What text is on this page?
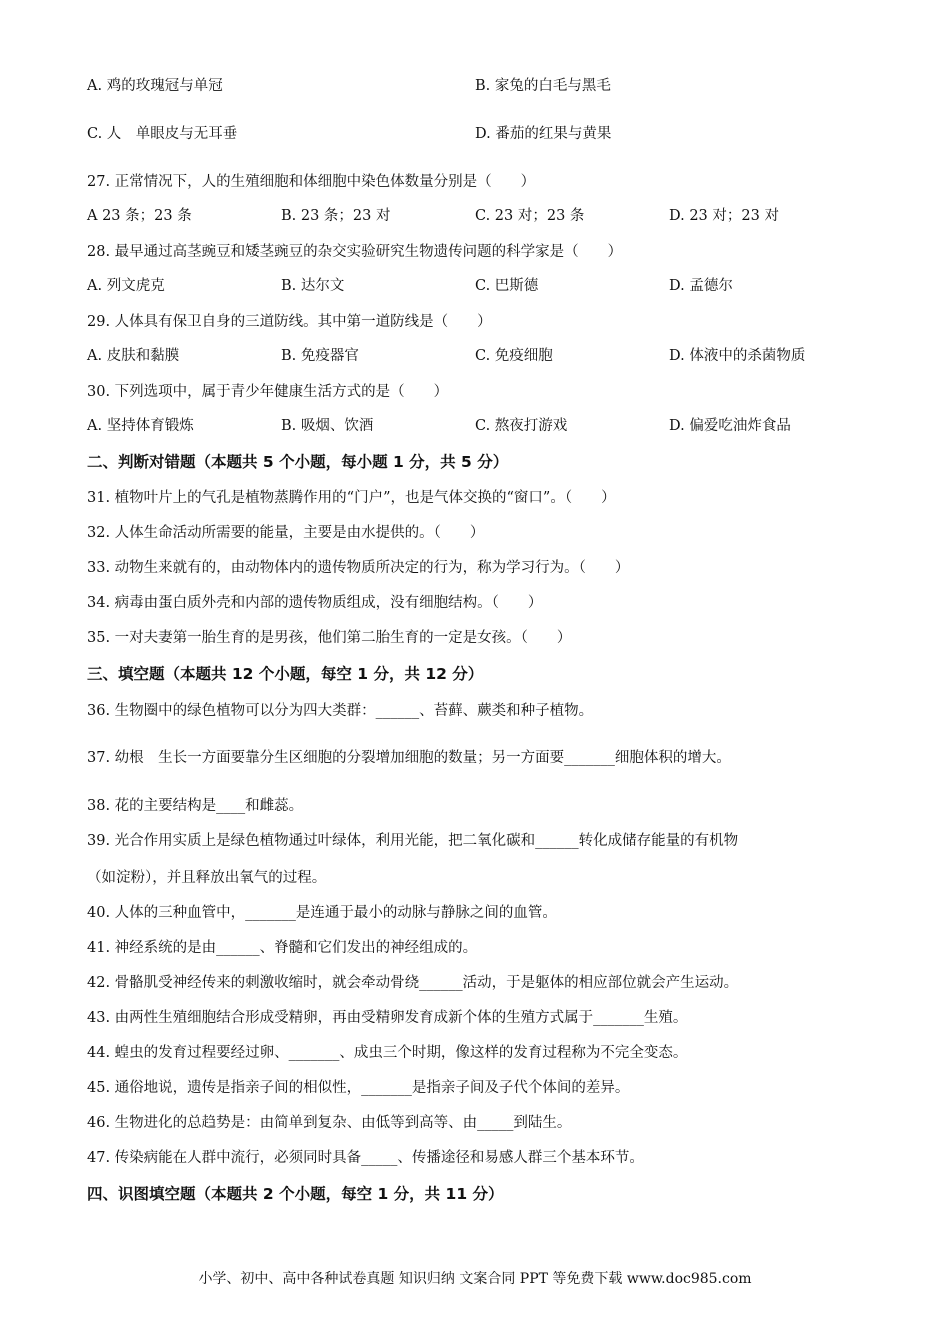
A. 鸡的玫瑰冠与单冠	B. 家兔的白毛与黑毛
C. 人　单眼皮与无耳垂	D. 番茄的红果与黄果
27. 正常情况下，人的生殖细胞和体细胞中染色体数量分别是（　　）
A 23 条；23 条	B. 23 条；23 对	C. 23 对；23 条	D. 23 对；23 对
28. 最早通过高茎豌豆和矮茎豌豆的杂交实验研究生物遗传问题的科学家是（　　）
A. 列文虎克	B. 达尔文	C. 巴斯德	D. 孟德尔
29. 人体具有保卫自身的三道防线。其中第一道防线是（　　）
A. 皮肤和黏膜	B. 免疫器官	C. 免疫细胞	D. 体液中的杀菌物质
30. 下列选项中，属于青少年健康生活方式的是（　　）
A. 坚持体育锻炼	B. 吸烟、饮酒	C. 熬夜打游戏	D. 偏爱吃油炸食品
二、判断对错题（本题共 5 个小题，每小题 1 分，共 5 分）
31. 植物叶片上的气孔是植物蒸腾作用的“门户”，也是气体交换的“窗口”。（　　）
32. 人体生命活动所需要的能量，主要是由水提供的。（　　）
33. 动物生来就有的，由动物体内的遗传物质所决定的行为，称为学习行为。（　　）
34. 病毒由蛋白质外壳和内部的遗传物质组成，没有细胞结构。（　　）
35. 一对夫妻第一胎生育的是男孩，他们第二胎生育的一定是女孩。（　　）
三、填空题（本题共 12 个小题，每空 1 分，共 12 分）
36. 生物圈中的绿色植物可以分为四大类群：______、苔藓、蕨类和种子植物。
37. 幼根　生长一方面要靠分生区细胞的分裂增加细胞的数量；另一方面要_______细胞体积的增大。
38. 花的主要结构是____和雌蕊。
39. 光合作用实质上是绿色植物通过叶绿体，利用光能，把二氧化碳和______转化成储存能量的有机物
（如淀粉），并且释放出氧气的过程。
40. 人体的三种血管中，_______是连通于最小的动脉与静脉之间的血管。
41. 神经系统的是由______、脊髓和它们发出的神经组成的。
42. 骨骼肌受神经传来的刺激收缩时，就会牵动骨绕______活动，于是躯体的相应部位就会产生运动。
43. 由两性生殖细胞结合形成受精卵，再由受精卵发育成新个体的生殖方式属于_______生殖。
44. 蝗虫的发育过程要经过卵、_______、成虫三个时期，像这样的发育过程称为不完全变态。
45. 通俗地说，遗传是指亲子间的相似性，_______是指亲子间及子代个体间的差异。
46. 生物进化的总趋势是：由简单到复杂、由低等到高等、由_____到陆生。
47. 传染病能在人群中流行，必须同时具备_____、传播途径和易感人群三个基本环节。
四、识图填空题（本题共 2 个小题，每空 1 分，共 11 分）
小学、初中、高中各种试卷真题 知识归纳 文案合同 PPT 等免费下载 www.doc985.com
